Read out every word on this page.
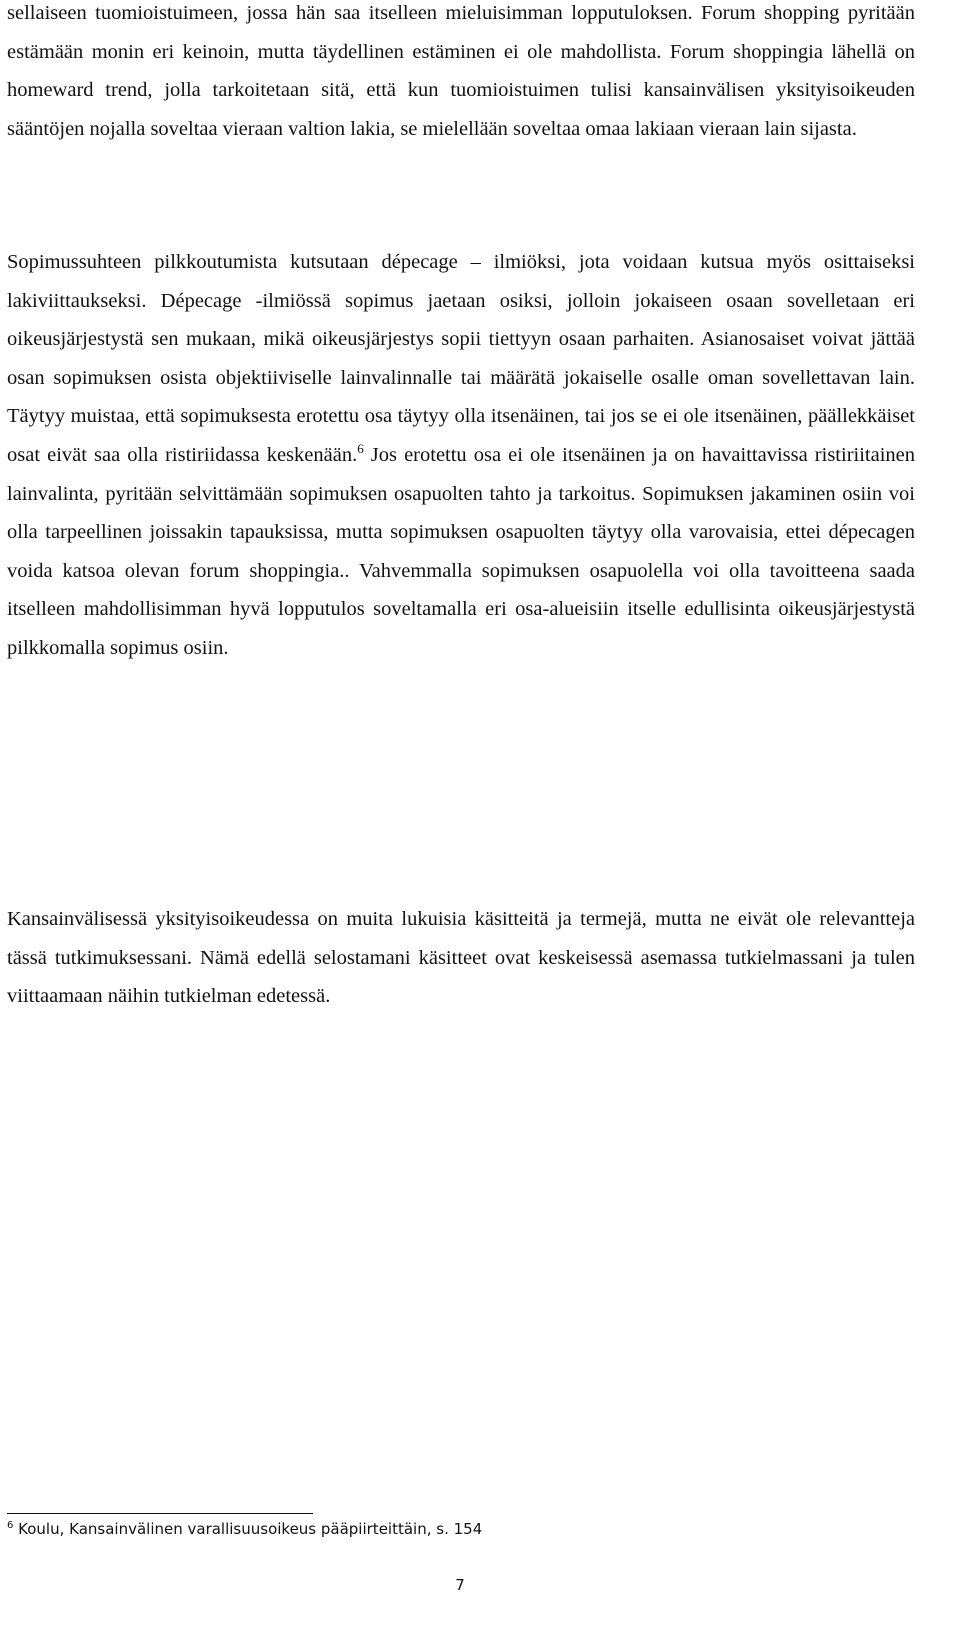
sellaiseen tuomioistuimeen, jossa hän saa itselleen mieluisimman lopputuloksen. Forum shopping pyritään estämään monin eri keinoin, mutta täydellinen estäminen ei ole mahdollista. Forum shoppingia lähellä on homeward trend, jolla tarkoitetaan sitä, että kun tuomioistuimen tulisi kansainvälisen yksityisoikeuden sääntöjen nojalla soveltaa vieraan valtion lakia, se mielellään soveltaa omaa lakiaan vieraan lain sijasta.

Sopimussuhteen pilkkoutumista kutsutaan dépecage – ilmiöksi, jota voidaan kutsua myös osittaiseksi lakiviittaukseksi. Dépecage -ilmiössä sopimus jaetaan osiksi, jolloin jokaiseen osaan sovelletaan eri oikeusjärjestystä sen mukaan, mikä oikeusjärjestys sopii tiettyyn osaan parhaiten. Asianosaiset voivat jättää osan sopimuksen osista objektiiviselle lainvalinnalle tai määrätä jokaiselle osalle oman sovellettavan lain. Täytyy muistaa, että sopimuksesta erotettu osa täytyy olla itsenäinen, tai jos se ei ole itsenäinen, päällekkäiset osat eivät saa olla ristiriidassa keskenään.$^6$ Jos erotettu osa ei ole itsenäinen ja on havaittavissa ristiriitainen lainvalinta, pyritään selvittämään sopimuksen osapuolten tahto ja tarkoitus. Sopimuksen jakaminen osiin voi olla tarpeellinen joissakin tapauksissa, mutta sopimuksen osapuolten täytyy olla varovaisia, ettei dépecagen voida katsoa olevan forum shoppingia.. Vahvemmalla sopimuksen osapuolella voi olla tavoitteena saada itselleen mahdollisimman hyvä lopputulos soveltamalla eri osa-alueisiin itselle edullisinta oikeusjärjestystä pilkkomalla sopimus osiin.

Kansainvälisessä yksityisoikeudessa on muita lukuisia käsitteitä ja termejä, mutta ne eivät ole relevantteja tässä tutkimuksessani. Nämä edellä selostamani käsitteet ovat keskeisessä asemassa tutkielmassani ja tulen viittaamaan näihin tutkielman edetessä.

$^6$ Koulu, Kansainvälinen varallisuusoikeus pääpiirteittäin, s. 154

7
